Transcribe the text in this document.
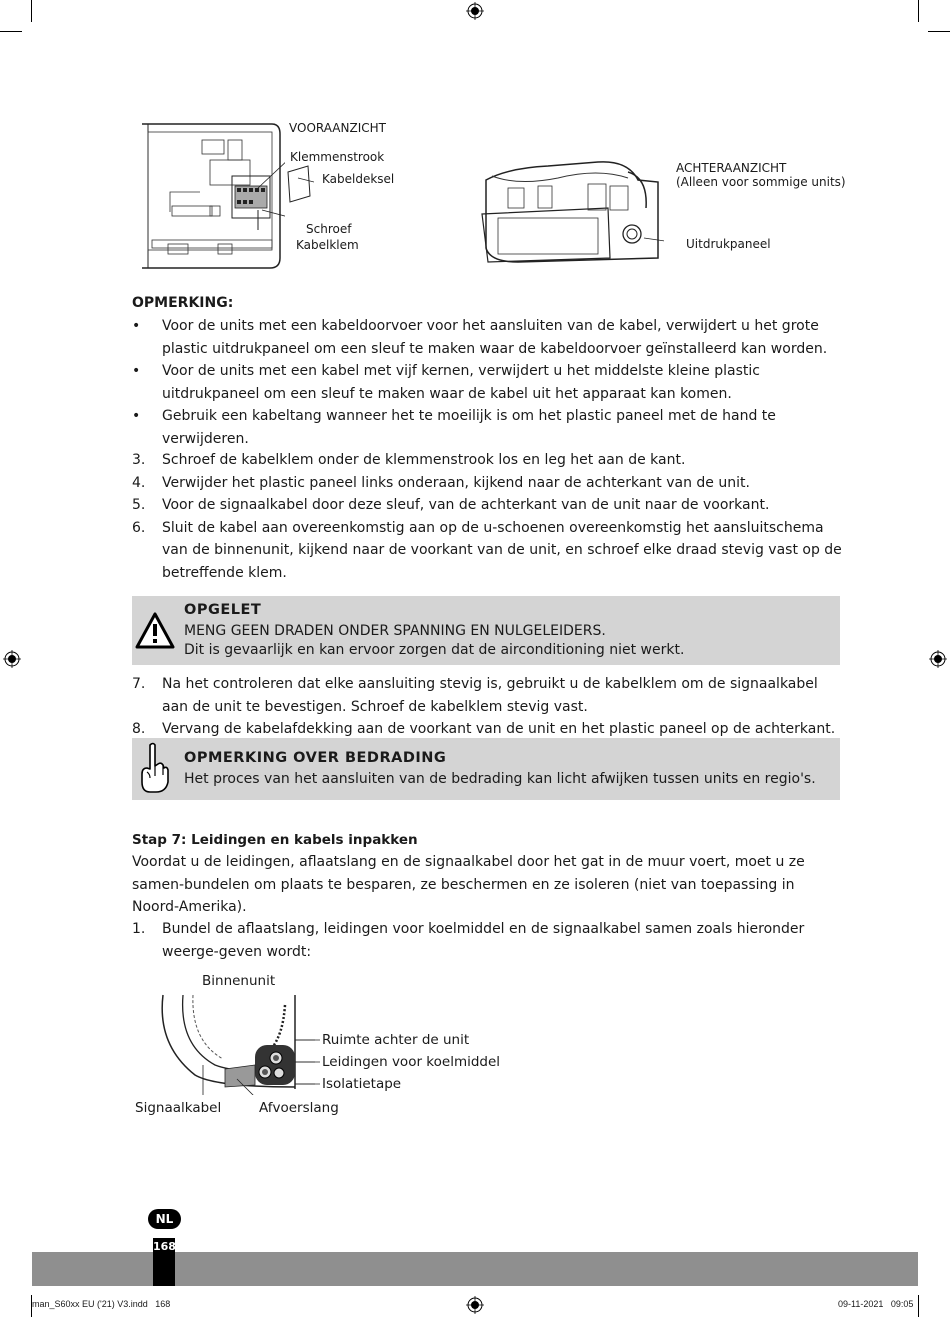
VOORAANZICHT
Klemmenstrook
Kabeldeksel
Schroef
Kabelklem
ACHTERAANZICHT
(Alleen voor sommige units)
Uitdrukpaneel
OPMERKING:
• Voor de units met een kabeldoorvoer voor het aansluiten van de kabel, verwijdert u het grote plastic uitdrukpaneel om een sleuf te maken waar de kabeldoorvoer geïnstalleerd kan worden.
• Voor de units met een kabel met vijf kernen, verwijdert u het middelste kleine plastic uitdrukpaneel om een sleuf te maken waar de kabel uit het apparaat kan komen.
• Gebruik een kabeltang wanneer het te moeilijk is om het plastic paneel met de hand te verwijderen.
3. Schroef de kabelklem onder de klemmenstrook los en leg het aan de kant.
4. Verwijder het plastic paneel links onderaan, kijkend naar de achterkant van de unit.
5. Voor de signaalkabel door deze sleuf, van de achterkant van de unit naar de voorkant.
6. Sluit de kabel aan overeenkomstig aan op de u-schoenen overeenkomstig het aansluitschema van de binnenunit, kijkend naar de voorkant van de unit, en schroef elke draad stevig vast op de betreffende klem.
OPGELET
MENG GEEN DRADEN ONDER SPANNING EN NULGELEIDERS.
Dit is gevaarlijk en kan ervoor zorgen dat de airconditioning niet werkt.
7. Na het controleren dat elke aansluiting stevig is, gebruikt u de kabelklem om de signaalkabel aan de unit te bevestigen. Schroef de kabelklem stevig vast.
8. Vervang de kabelafdekking aan de voorkant van de unit en het plastic paneel op de achterkant.
OPMERKING OVER BEDRADING
Het proces van het aansluiten van de bedrading kan licht afwijken tussen units en regio's.
Stap 7: Leidingen en kabels inpakken
Voordat u de leidingen, aflaatslang en de signaalkabel door het gat in de muur voert, moet u ze samen-bundelen om plaats te besparen, ze beschermen en ze isoleren (niet van toepassing in Noord-Amerika).
1. Bundel de aflaatslang, leidingen voor koelmiddel en de signaalkabel samen zoals hieronder weerge-geven wordt:
Binnenunit
Ruimte achter de unit
Leidingen voor koelmiddel
Isolatietape
Signaalkabel	Afvoerslang
NL
168
man_S60xx EU ('21) V3.indd   168	09-11-2021   09:05
